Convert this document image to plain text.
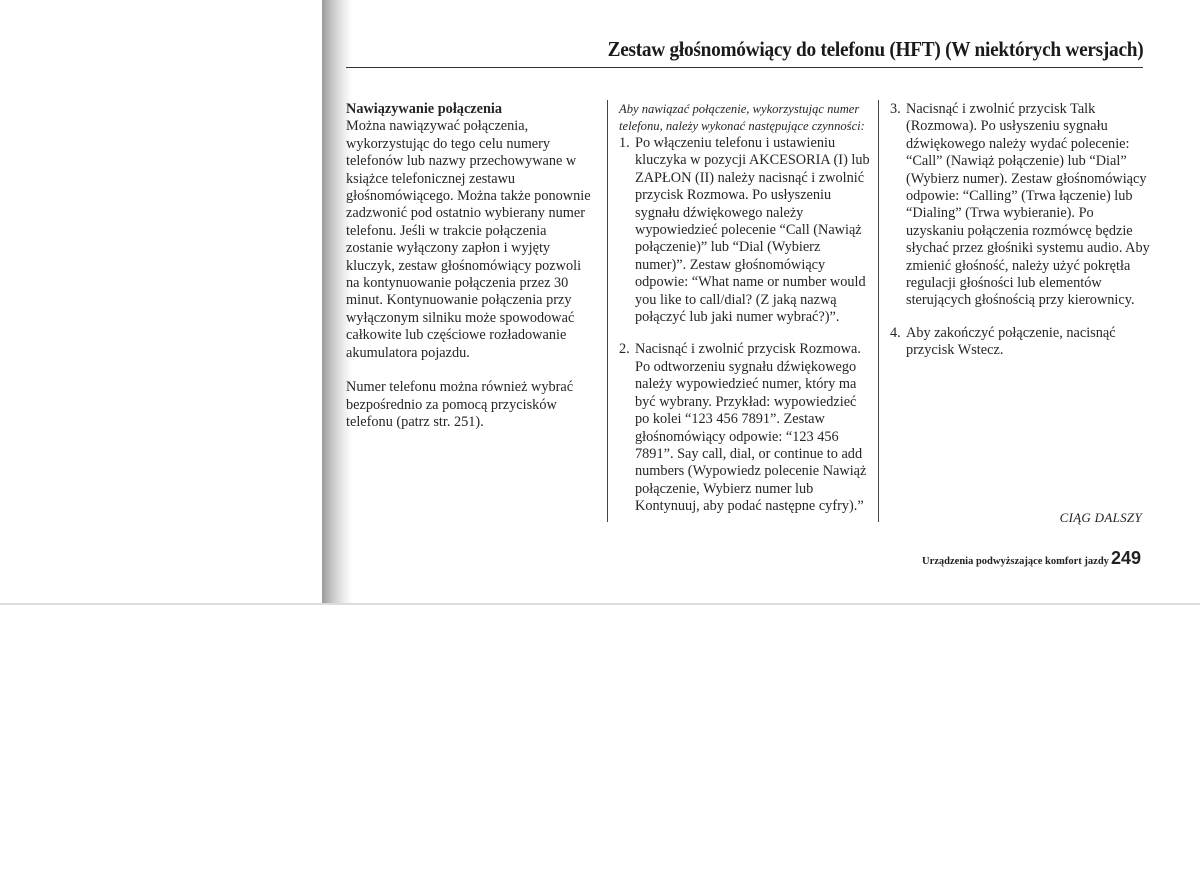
Zestaw głośnomówiący do telefonu (HFT) (W niektórych wersjach)
Nawiązywanie połączenia

Można nawiązywać połączenia, wykorzystując do tego celu numery telefonów lub nazwy przechowywane w książce telefonicznej zestawu głośnomówiącego. Można także ponownie zadzwonić pod ostatnio wybierany numer telefonu. Jeśli w trakcie połączenia zostanie wyłączony zapłon i wyjęty kluczyk, zestaw głośnomówiący pozwoli na kontynuowanie połączenia przez 30 minut. Kontynuowanie połączenia przy wyłączonym silniku może spowodować całkowite lub częściowe rozładowanie akumulatora pojazdu.

Numer telefonu można również wybrać bezpośrednio za pomocą przycisków telefonu (patrz str. 251).

Aby nawiązać połączenie, wykorzystując numer telefonu, należy wykonać następujące czynności:
1. Po włączeniu telefonu i ustawieniu kluczyka w pozycji AKCESORIA (I) lub ZAPŁON (II) należy nacisnąć i zwolnić przycisk Rozmowa. Po usłyszeniu sygnału dźwiękowego należy wypowiedzieć polecenie “Call (Nawiąż połączenie)” lub “Dial (Wybierz numer)”. Zestaw głośnomówiący odpowie: “What name or number would you like to call/dial? (Z jaką nazwą połączyć lub jaki numer wybrać?)”.
2. Nacisnąć i zwolnić przycisk Rozmowa. Po odtworzeniu sygnału dźwiękowego należy wypowiedzieć numer, który ma być wybrany. Przykład: wypowiedzieć po kolei “123 456 7891”. Zestaw głośnomówiący odpowie: “123 456 7891”. Say call, dial, or continue to add numbers (Wypowiedz polecenie Nawiąż połączenie, Wybierz numer lub Kontynuuj, aby podać następne cyfry).”
3. Nacisnąć i zwolnić przycisk Talk (Rozmowa). Po usłyszeniu sygnału dźwiękowego należy wydać polecenie: “Call” (Nawiąż połączenie) lub “Dial” (Wybierz numer). Zestaw głośnomówiący odpowie: “Calling” (Trwa łączenie) lub “Dialing” (Trwa wybieranie). Po uzyskaniu połączenia rozmówcę będzie słychać przez głośniki systemu audio. Aby zmienić głośność, należy użyć pokrętła regulacji głośności lub elementów sterujących głośnością przy kierownicy.
4. Aby zakończyć połączenie, nacisnąć przycisk Wstecz.
CIĄG DALSZY
Urządzenia podwyższające komfort jazdy 249
